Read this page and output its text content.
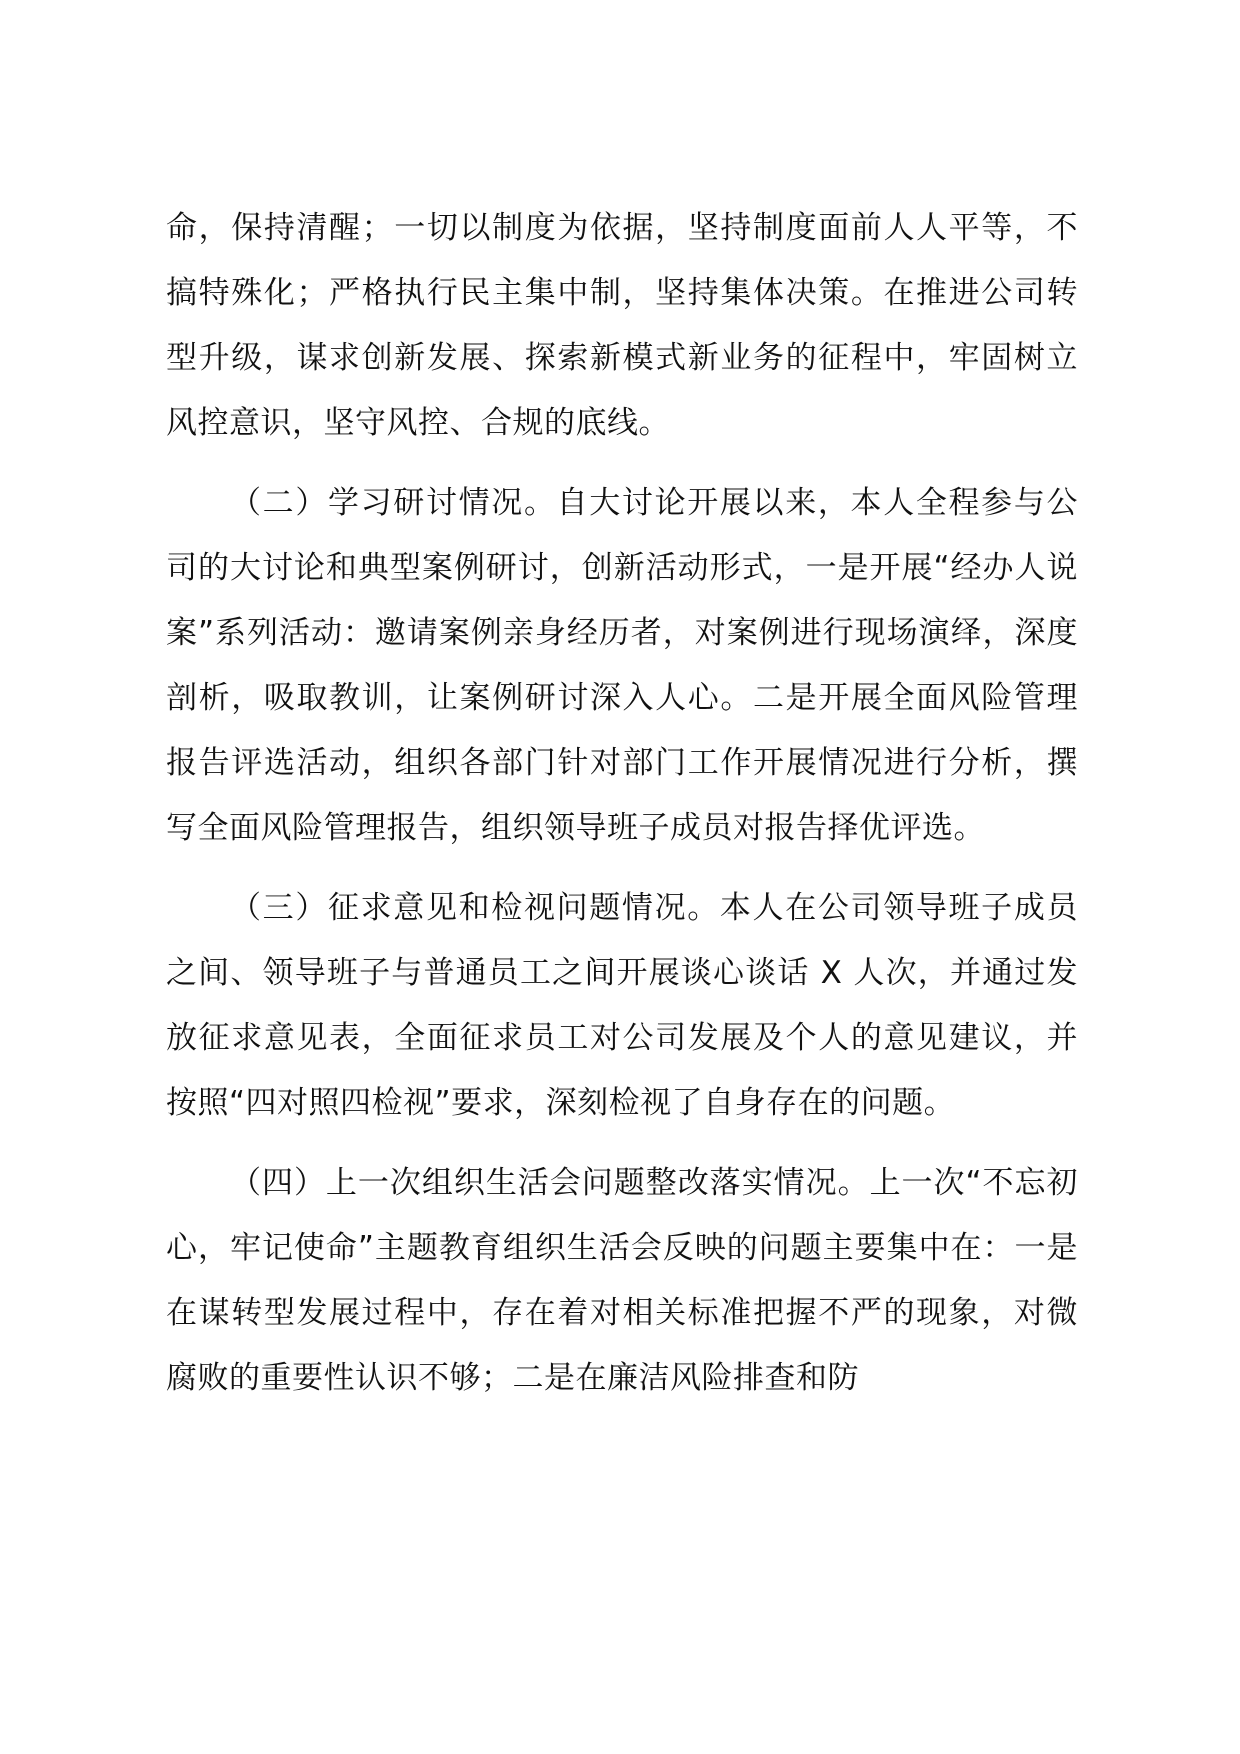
命，保持清醒；一切以制度为依据，坚持制度面前人人平等，不搞特殊化；严格执行民主集中制，坚持集体决策。在推进公司转型升级，谋求创新发展、探索新模式新业务的征程中，牢固树立风控意识，坚守风控、合规的底线。

（二）学习研讨情况。自大讨论开展以来，本人全程参与公司的大讨论和典型案例研讨，创新活动形式，一是开展“经办人说案”系列活动：邀请案例亲身经历者，对案例进行现场演绎，深度剖析，吸取教训，让案例研讨深入人心。二是开展全面风险管理报告评选活动，组织各部门针对部门工作开展情况进行分析，撰写全面风险管理报告，组织领导班子成员对报告择优评选。

（三）征求意见和检视问题情况。本人在公司领导班子成员之间、领导班子与普通员工之间开展谈心谈话 X 人次，并通过发放征求意见表，全面征求员工对公司发展及个人的意见建议，并按照“四对照四检视”要求，深刻检视了自身存在的问题。

（四）上一次组织生活会问题整改落实情况。上一次“不忘初心，牢记使命”主题教育组织生活会反映的问题主要集中在：一是在谋转型发展过程中，存在着对相关标准把握不严的现象，对微腐败的重要性认识不够；二是在廉洁风险排查和防
